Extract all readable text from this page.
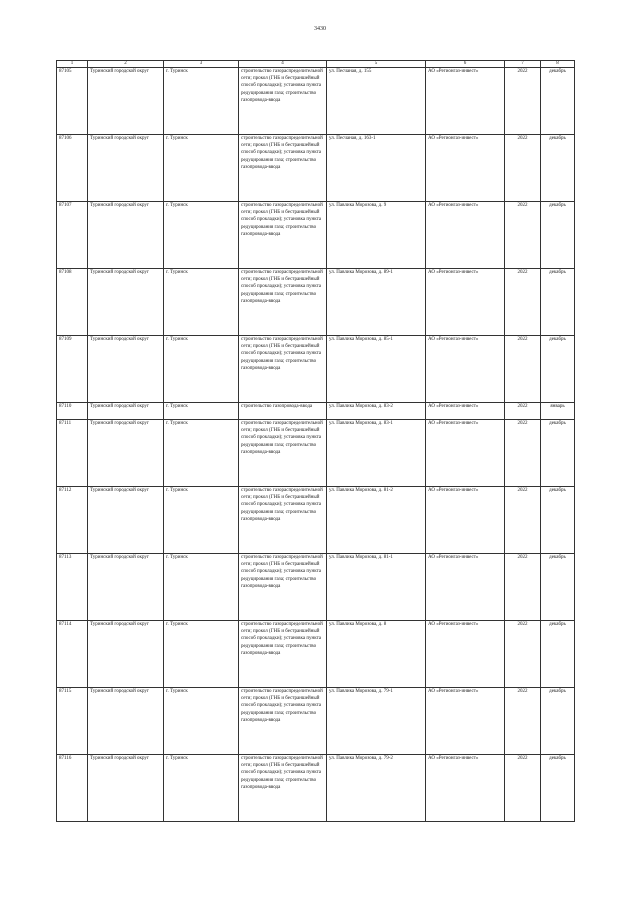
3430
1	2	3	4	5	6	7	8
87105	Туринский городской округ	г. Туринск	строительство газораспределительной сети; прокол (ГНБ и бестраншейный способ прокладки); установка пункта редуцирования газа; строительство газопровода-ввода	ул. Песчаная, д. 155	АО «Регионгаз-инвест»	2022	декабрь
87106	Туринский городской округ	г. Туринск	строительство газораспределительной сети; прокол (ГНБ и бестраншейный способ прокладки); установка пункта редуцирования газа; строительство газопровода-ввода	ул. Песчаная, д. 163-1	АО «Регионгаз-инвест»	2022	декабрь
87107	Туринский городской округ	г. Туринск	строительство газораспределительной сети; прокол (ГНБ и бестраншейный способ прокладки); установка пункта редуцирования газа; строительство газопровода-ввода	ул. Павлика Морозова, д. 9	АО «Регионгаз-инвест»	2022	декабрь
87108	Туринский городской округ	г. Туринск	строительство газораспределительной сети; прокол (ГНБ и бестраншейный способ прокладки); установка пункта редуцирования газа; строительство газопровода-ввода	ул. Павлика Морозова, д. 89-1	АО «Регионгаз-инвест»	2022	декабрь
87109	Туринский городской округ	г. Туринск	строительство газораспределительной сети; прокол (ГНБ и бестраншейный способ прокладки); установка пункта редуцирования газа; строительство газопровода-ввода	ул. Павлика Морозова, д. 85-1	АО «Регионгаз-инвест»	2022	декабрь
87110	Туринский городской округ	г. Туринск	строительство газопровода-ввода	ул. Павлика Морозова, д. 83-2	АО «Регионгаз-инвест»	2022	январь
87111	Туринский городской округ	г. Туринск	строительство газораспределительной сети; прокол (ГНБ и бестраншейный способ прокладки); установка пункта редуцирования газа; строительство газопровода-ввода	ул. Павлика Морозова, д. 83-1	АО «Регионгаз-инвест»	2022	декабрь
87112	Туринский городской округ	г. Туринск	строительство газораспределительной сети; прокол (ГНБ и бестраншейный способ прокладки); установка пункта редуцирования газа; строительство газопровода-ввода	ул. Павлика Морозова, д. 81-2	АО «Регионгаз-инвест»	2022	декабрь
87113	Туринский городской округ	г. Туринск	строительство газораспределительной сети; прокол (ГНБ и бестраншейный способ прокладки); установка пункта редуцирования газа; строительство газопровода-ввода	ул. Павлика Морозова, д. 81-1	АО «Регионгаз-инвест»	2022	декабрь
87114	Туринский городской округ	г. Туринск	строительство газораспределительной сети; прокол (ГНБ и бестраншейный способ прокладки); установка пункта редуцирования газа; строительство газопровода-ввода	ул. Павлика Морозова, д. 8	АО «Регионгаз-инвест»	2022	декабрь
87115	Туринский городской округ	г. Туринск	строительство газораспределительной сети; прокол (ГНБ и бестраншейный способ прокладки); установка пункта редуцирования газа; строительство газопровода-ввода	ул. Павлика Морозова, д. 79-1	АО «Регионгаз-инвест»	2022	декабрь
87116	Туринский городской округ	г. Туринск	строительство газораспределительной сети; прокол (ГНБ и бестраншейный способ прокладки); установка пункта редуцирования газа; строительство газопровода-ввода	ул. Павлика Морозова, д. 79-2	АО «Регионгаз-инвест»	2022	декабрь
